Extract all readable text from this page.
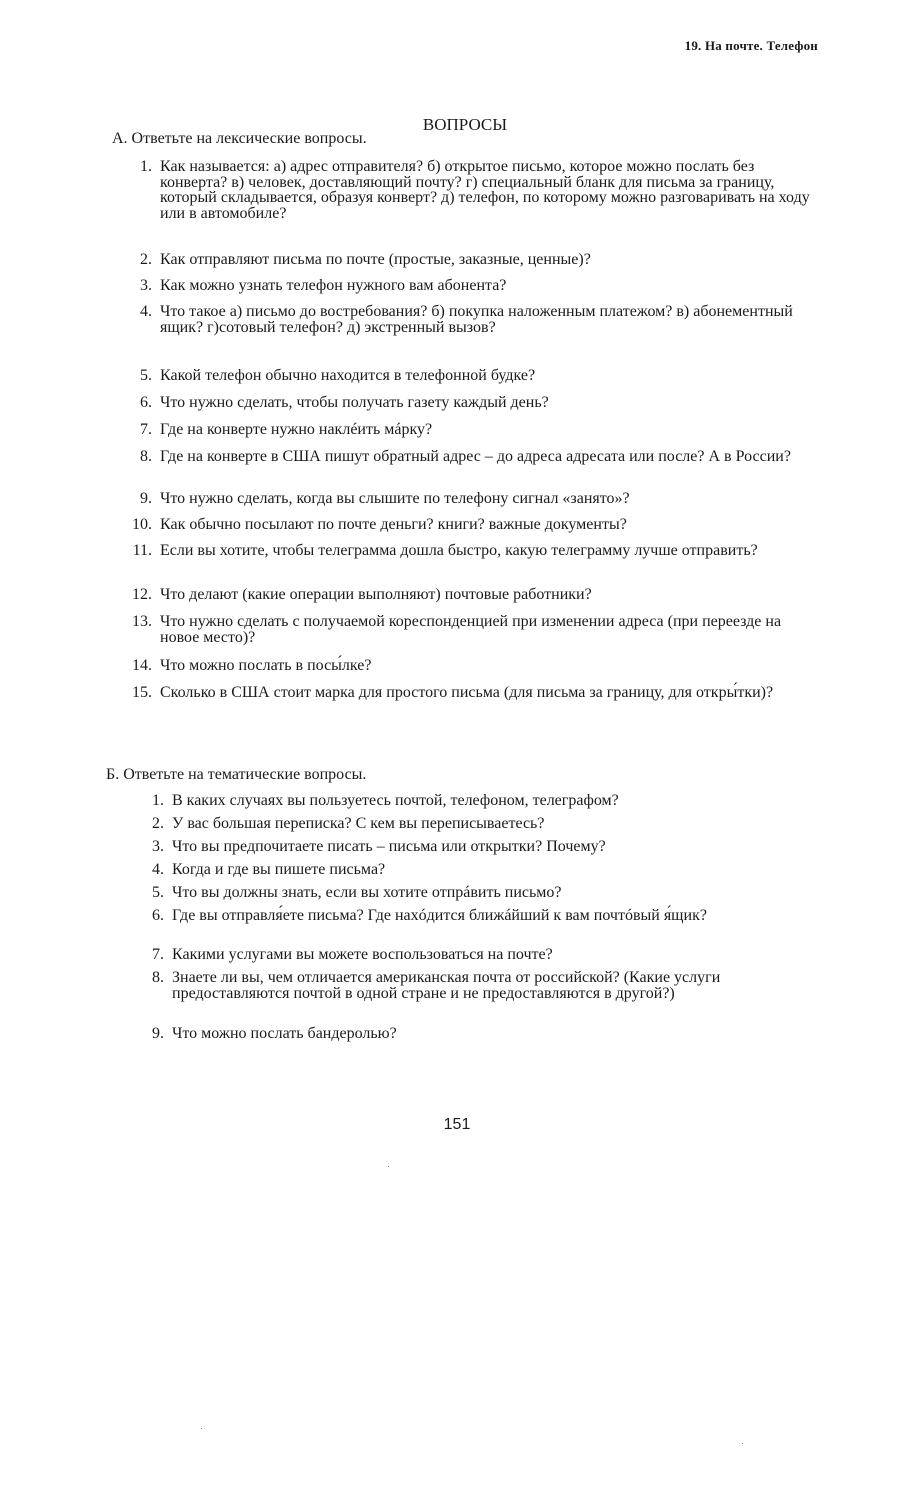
19. На почте. Телефон
ВОПРОСЫ
А. Ответьте на лексические вопросы.
1. Как называется: а) адрес отправителя? б) открытое письмо, которое можно послать без конверта? в) человек, доставляющий почту? г) специальный бланк для письма за границу, который складывается, образуя конверт? д) телефон, по которому можно разговаривать на ходу или в автомобиле?
2. Как отправляют письма по почте (простые, заказные, ценные)?
3. Как можно узнать телефон нужного вам абонента?
4. Что такое а) письмо до востребования? б) покупка наложенным платежом? в) абонементный ящик? г)сотовый телефон? д) экстренный вызов?
5. Какой телефон обычно находится в телефонной будке?
6. Что нужно сделать, чтобы получать газету каждый день?
7. Где на конверте нужно наклéить мáрку?
8. Где на конверте в США пишут обратный адрес – до адреса адресата или после? А в России?
9. Что нужно сделать, когда вы слышите по телефону сигнал «занято»?
10. Как обычно посылают по почте деньги? книги? важные документы?
11. Если вы хотите, чтобы телеграмма дошла быстро, какую телеграмму лучше отправить?
12. Что делают (какие операции выполняют) почтовые работники?
13. Что нужно сделать с получаемой кореспонденцией при изменении адреса (при переезде на новое место)?
14. Что можно послать в посы́лке?
15. Сколько в США стоит марка для простого письма (для письма за границу, для откры́тки)?
Б. Ответьте на тематические вопросы.
1. В каких случаях вы пользуетесь почтой, телефоном, телеграфом?
2. У вас большая переписка? С кем вы переписываетесь?
3. Что вы предпочитаете писать – письма или открытки? Почему?
4. Когда и где вы пишете письма?
5. Что вы должны знать, если вы хотите отпрáвить письмо?
6. Где вы отправля́ете письма? Где нахóдится ближáйший к вам почтóвый я́щик?
7. Какими услугами вы можете воспользоваться на почте?
8. Знаете ли вы, чем отличается американская почта от российской? (Какие услуги предоставляются почтой в одной стране и не предоставляются в другой?)
9. Что можно послать бандеролью?
151
